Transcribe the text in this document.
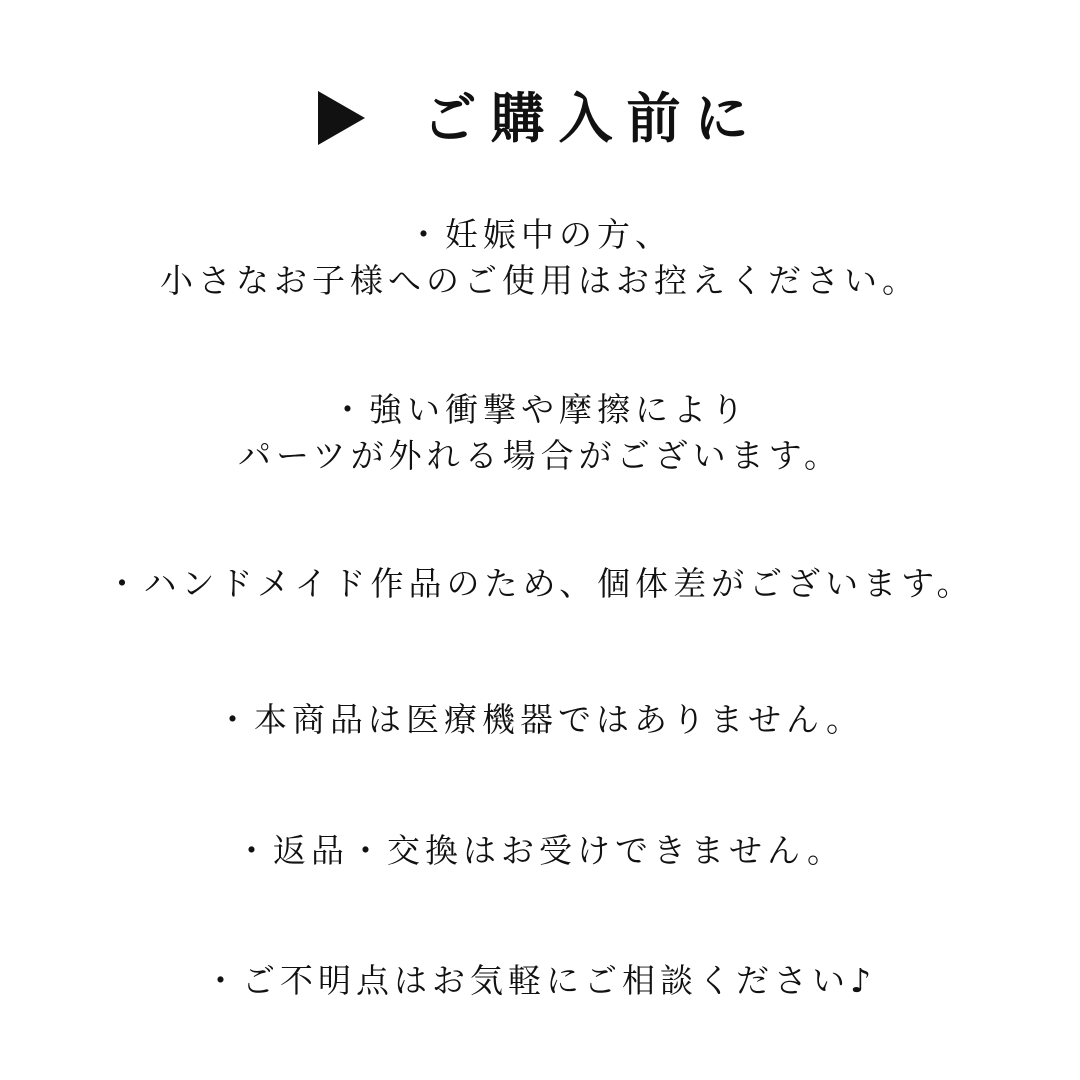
ご購入前に
・妊娠中の方、
小さなお子様へのご使用はお控えください。
・強い衝撃や摩擦により
パーツが外れる場合がございます。
・ハンドメイド作品のため、個体差がございます。
・本商品は医療機器ではありません。
・返品・交換はお受けできません。
・ご不明点はお気軽にご相談ください♪
